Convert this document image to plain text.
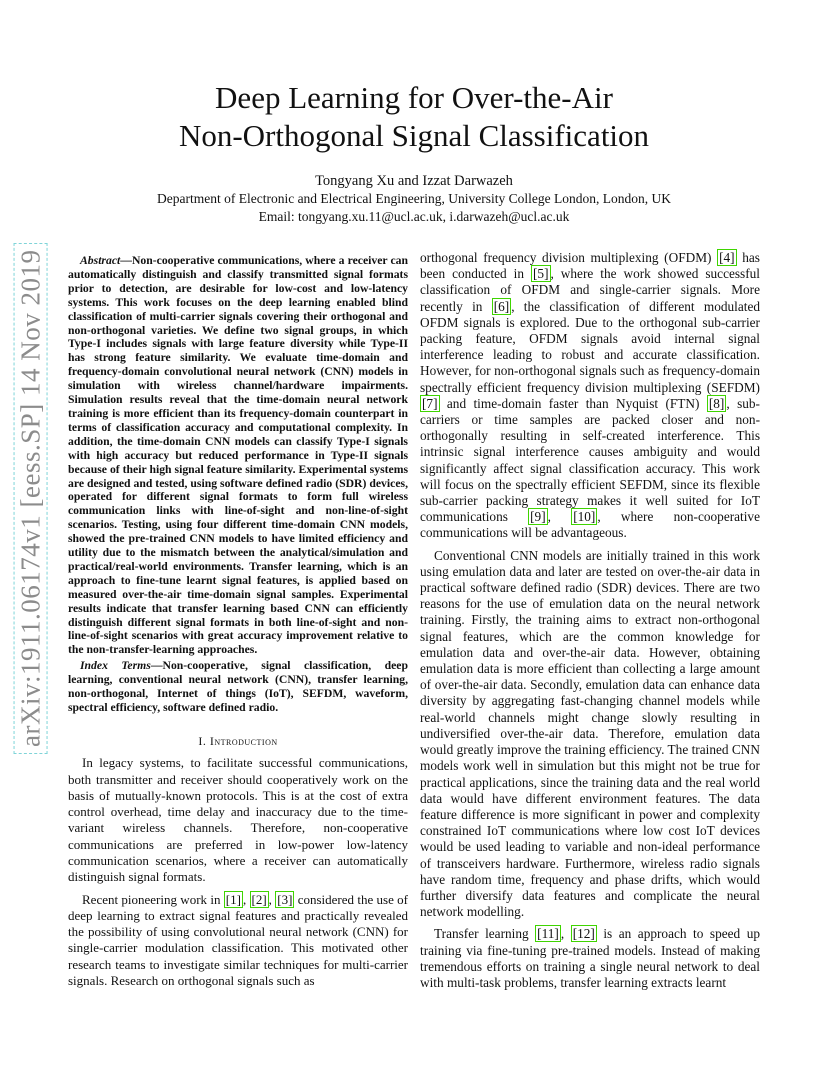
arXiv:1911.06174v1 [eess.SP] 14 Nov 2019
Deep Learning for Over-the-Air
Non-Orthogonal Signal Classification
Tongyang Xu and Izzat Darwazeh
Department of Electronic and Electrical Engineering, University College London, London, UK
Email: tongyang.xu.11@ucl.ac.uk, i.darwazeh@ucl.ac.uk

Abstract—Non-cooperative communications, where a receiver can automatically distinguish and classify transmitted signal formats prior to detection, are desirable for low-cost and low-latency systems. This work focuses on the deep learning enabled blind classification of multi-carrier signals covering their orthogonal and non-orthogonal varieties. We define two signal groups, in which Type-I includes signals with large feature diversity while Type-II has strong feature similarity. We evaluate time-domain and frequency-domain convolutional neural network (CNN) models in simulation with wireless channel/hardware impairments. Simulation results reveal that the time-domain neural network training is more efficient than its frequency-domain counterpart in terms of classification accuracy and computational complexity. In addition, the time-domain CNN models can classify Type-I signals with high accuracy but reduced performance in Type-II signals because of their high signal feature similarity. Experimental systems are designed and tested, using software defined radio (SDR) devices, operated for different signal formats to form full wireless communication links with line-of-sight and non-line-of-sight scenarios. Testing, using four different time-domain CNN models, showed the pre-trained CNN models to have limited efficiency and utility due to the mismatch between the analytical/simulation and practical/real-world environments. Transfer learning, which is an approach to fine-tune learnt signal features, is applied based on measured over-the-air time-domain signal samples. Experimental results indicate that transfer learning based CNN can efficiently distinguish different signal formats in both line-of-sight and non-line-of-sight scenarios with great accuracy improvement relative to the non-transfer-learning approaches.

Index Terms—Non-cooperative, signal classification, deep learning, conventional neural network (CNN), transfer learning, non-orthogonal, Internet of things (IoT), SEFDM, waveform, spectral efficiency, software defined radio.

I. Introduction

In legacy systems, to facilitate successful communications, both transmitter and receiver should cooperatively work on the basis of mutually-known protocols. This is at the cost of extra control overhead, time delay and inaccuracy due to the time-variant wireless channels. Therefore, non-cooperative communications are preferred in low-power low-latency communication scenarios, where a receiver can automatically distinguish signal formats.

Recent pioneering work in [1] , [2] , [3] considered the use of deep learning to extract signal features and practically revealed the possibility of using convolutional neural network (CNN) for single-carrier modulation classification. This motivated other research teams to investigate similar techniques for multi-carrier signals. Research on orthogonal signals such as

orthogonal frequency division multiplexing (OFDM) [4] has been conducted in [5] , where the work showed successful classification of OFDM and single-carrier signals. More recently in [6] , the classification of different modulated OFDM signals is explored. Due to the orthogonal sub-carrier packing feature, OFDM signals avoid internal signal interference leading to robust and accurate classification. However, for non-orthogonal signals such as frequency-domain spectrally efficient frequency division multiplexing (SEFDM) [7] and time-domain faster than Nyquist (FTN) [8] , sub-carriers or time samples are packed closer and non-orthogonally resulting in self-created interference. This intrinsic signal interference causes ambiguity and would significantly affect signal classification accuracy. This work will focus on the spectrally efficient SEFDM, since its flexible sub-carrier packing strategy makes it well suited for IoT communications [9] , [10] , where non-cooperative communications will be advantageous.

Conventional CNN models are initially trained in this work using emulation data and later are tested on over-the-air data in practical software defined radio (SDR) devices. There are two reasons for the use of emulation data on the neural network training. Firstly, the training aims to extract non-orthogonal signal features, which are the common knowledge for emulation data and over-the-air data. However, obtaining emulation data is more efficient than collecting a large amount of over-the-air data. Secondly, emulation data can enhance data diversity by aggregating fast-changing channel models while real-world channels might change slowly resulting in undiversified over-the-air data. Therefore, emulation data would greatly improve the training efficiency. The trained CNN models work well in simulation but this might not be true for practical applications, since the training data and the real world data would have different environment features. The data feature difference is more significant in power and complexity constrained IoT communications where low cost IoT devices would be used leading to variable and non-ideal performance of transceivers hardware. Furthermore, wireless radio signals have random time, frequency and phase drifts, which would further diversify data features and complicate the neural network modelling.

Transfer learning [11] , [12] is an approach to speed up training via fine-tuning pre-trained models. Instead of making tremendous efforts on training a single neural network to deal with multi-task problems, transfer learning extracts learnt
